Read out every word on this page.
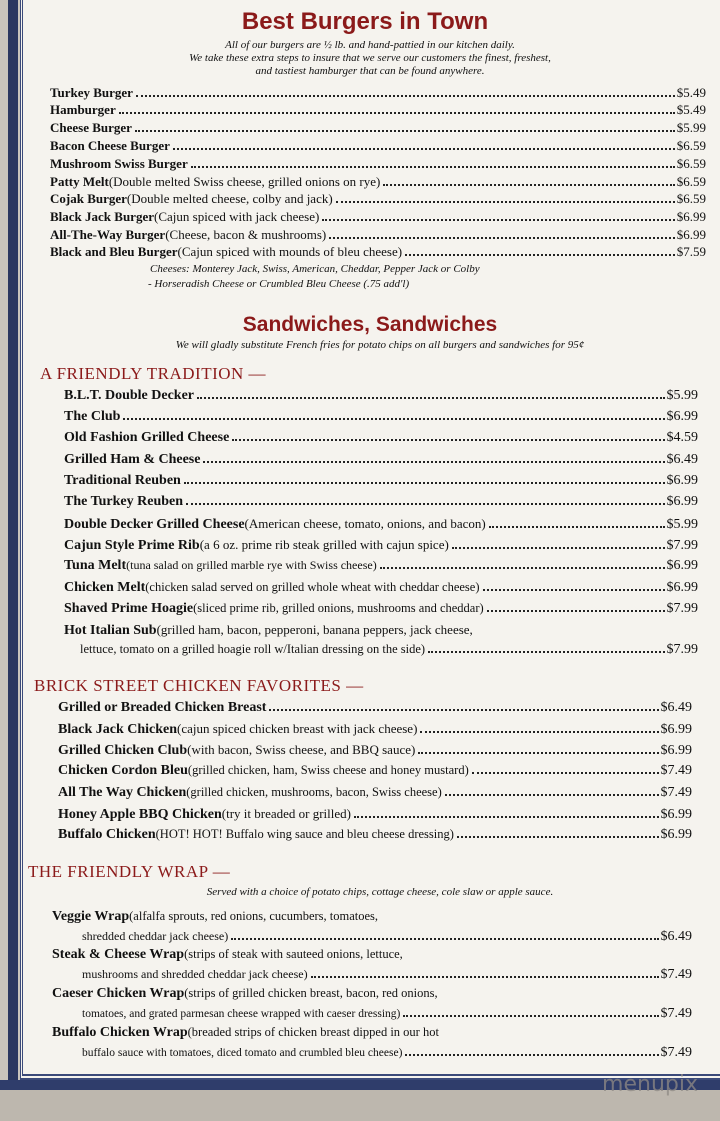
Best Burgers in Town
All of our burgers are ½ lb. and hand-pattied in our kitchen daily.
We take these extra steps to insure that we serve our customers the finest, freshest,
and tastiest hamburger that can be found anywhere.
Turkey Burger	$5.49
Hamburger	$5.49
Cheese Burger	$5.99
Bacon Cheese Burger	$6.59
Mushroom Swiss Burger	$6.59
Patty Melt (Double melted Swiss cheese, grilled onions on rye)	$6.59
Cojak Burger (Double melted cheese, colby and jack)	$6.59
Black Jack Burger (Cajun spiced with jack cheese)	$6.99
All-The-Way Burger (Cheese, bacon & mushrooms)	$6.99
Black and Bleu Burger (Cajun spiced with mounds of bleu cheese)	$7.59
Cheeses: Monterey Jack, Swiss, American, Cheddar, Pepper Jack or Colby
- Horseradish Cheese or Crumbled Bleu Cheese (.75 add'l)
Sandwiches, Sandwiches
We will gladly substitute French fries for potato chips on all burgers and sandwiches for 95¢
A FRIENDLY TRADITION —
B.L.T. Double Decker	$5.99
The Club	$6.99
Old Fashion Grilled Cheese	$4.59
Grilled Ham & Cheese	$6.49
Traditional Reuben	$6.99
The Turkey Reuben	$6.99
Double Decker Grilled Cheese (American cheese, tomato, onions, and bacon)	$5.99
Cajun Style Prime Rib (a 6 oz. prime rib steak grilled with cajun spice)	$7.99
Tuna Melt (tuna salad on grilled marble rye with Swiss cheese)	$6.99
Chicken Melt (chicken salad served on grilled whole wheat with cheddar cheese)	$6.99
Shaved Prime Hoagie (sliced prime rib, grilled onions, mushrooms and cheddar)	$7.99
Hot Italian Sub (grilled ham, bacon, pepperoni, banana peppers, jack cheese,
lettuce, tomato on a grilled hoagie roll w/Italian dressing on the side)	$7.99
BRICK STREET CHICKEN FAVORITES —
Grilled or Breaded Chicken Breast	$6.49
Black Jack Chicken (cajun spiced chicken breast with jack cheese)	$6.99
Grilled Chicken Club (with bacon, Swiss cheese, and BBQ sauce)	$6.99
Chicken Cordon Bleu (grilled chicken, ham, Swiss cheese and honey mustard)	$7.49
All The Way Chicken (grilled chicken, mushrooms, bacon, Swiss cheese)	$7.49
Honey Apple BBQ Chicken (try it breaded or grilled)	$6.99
Buffalo Chicken (HOT! HOT! Buffalo wing sauce and bleu cheese dressing)	$6.99
THE FRIENDLY WRAP —
Served with a choice of potato chips, cottage cheese, cole slaw or apple sauce.
Veggie Wrap (alfalfa sprouts, red onions, cucumbers, tomatoes,
shredded cheddar jack cheese)	$6.49
Steak & Cheese Wrap (strips of steak with sauteed onions, lettuce,
mushrooms and shredded cheddar jack cheese)	$7.49
Caeser Chicken Wrap (strips of grilled chicken breast, bacon, red onions,
tomatoes, and grated parmesan cheese wrapped with caeser dressing)	$7.49
Buffalo Chicken Wrap (breaded strips of chicken breast dipped in our hot
buffalo sauce with tomatoes, diced tomato and crumbled bleu cheese)	$7.49
menupix
